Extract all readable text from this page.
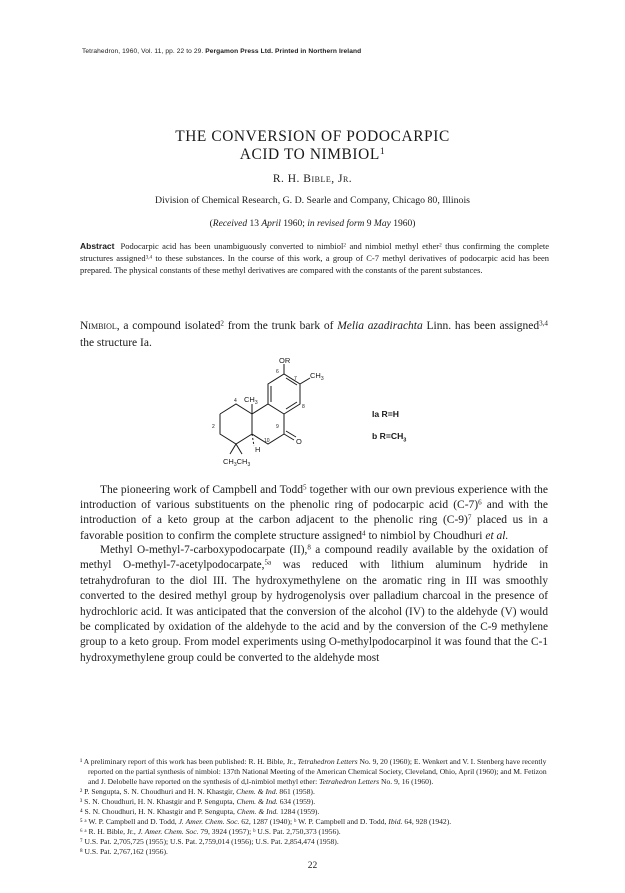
Tetrahedron, 1960, Vol. 11, pp. 22 to 29. Pergamon Press Ltd. Printed in Northern Ireland
THE CONVERSION OF PODOCARPIC
ACID TO NIMBIOL$^1$
R. H. Bible, Jr.
Division of Chemical Research, G. D. Searle and Company, Chicago 80, Illinois
(Received 13 April 1960; in revised form 9 May 1960)
Abstract Podocarpic acid has been unambiguously converted to nimbiol$^2$ and nimbiol methyl ether$^2$ thus confirming the complete structures assigned$^{3,4}$ to these substances. In the course of this work, a group of C-7 methyl derivatives of podocarpic acid has been prepared. The physical constants of these methyl derivatives are compared with the constants of the parent substances.
Nimbiol, a compound isolated$^2$ from the trunk bark of Melia azadirachta Linn. has been assigned$^{3,4}$ the structure Ia.
OR
$CH_3$
$CH_3$
H
$CH_3CH_3$
O
4
2
6
7
8
9
10
Ia R=H
b $R=CH_3$
The pioneering work of Campbell and Todd$^5$ together with our own previous experience with the introduction of various substituents on the phenolic ring of podocarpic acid $(C-7)^6$ and with the introduction of a keto group at the carbon adjacent to the phenolic ring $(C-9)^7$ placed us in a favorable position to confirm the complete structure assigned$^4$ to nimbiol by Choudhuri et al.
Methyl O-methyl-7-carboxypodocarpate (II),$^8$ a compound readily available by the oxidation of methyl O-methyl-7-acetylpodocarpate,$^{5a}$ was reduced with lithium aluminum hydride in tetrahydrofuran to the diol III. The hydroxymethylene on the aromatic ring in III was smoothly converted to the desired methyl group by hydrogenolysis over palladium charcoal in the presence of hydrochloric acid. It was anticipated that the conversion of the alcohol (IV) to the aldehyde (V) would be complicated by oxidation of the aldehyde to the acid and by the conversion of the C-9 methylene group to a keto group. From model experiments using O-methylpodocarpinol it was found that the C-1 hydroxymethylene group could be converted to the aldehyde most
¹ A preliminary report of this work has been published: R. H. Bible, Jr., Tetrahedron Letters No. 9, 20 (1960); E. Wenkert and V. I. Stenberg have recently reported on the partial synthesis of nimbiol: 137th National Meeting of the American Chemical Society, Cleveland, Ohio, April (1960); and M. Fetizon and J. Delobelle have reported on the synthesis of d,l-nimbiol methyl ether: Tetrahedron Letters No. 9, 16 (1960).
² P. Sengupta, S. N. Choudhuri and H. N. Khastgir, Chem. & Ind. 861 (1958).
³ S. N. Choudhuri, H. N. Khastgir and P. Sengupta, Chem. & Ind. 634 (1959).
⁴ S. N. Choudhuri, H. N. Khastgir and P. Sengupta, Chem. & Ind. 1284 (1959).
⁵ ᵃ W. P. Campbell and D. Todd, J. Amer. Chem. Soc. 62, 1287 (1940); ᵇ W. P. Campbell and D. Todd, Ibid. 64, 928 (1942).
⁶ ᵃ R. H. Bible, Jr., J. Amer. Chem. Soc. 79, 3924 (1957); ᵇ U.S. Pat. 2,750,373 (1956).
⁷ U.S. Pat. 2,705,725 (1955); U.S. Pat. 2,759,014 (1956); U.S. Pat. 2,854,474 (1958).
⁸ U.S. Pat. 2,767,162 (1956).
22
